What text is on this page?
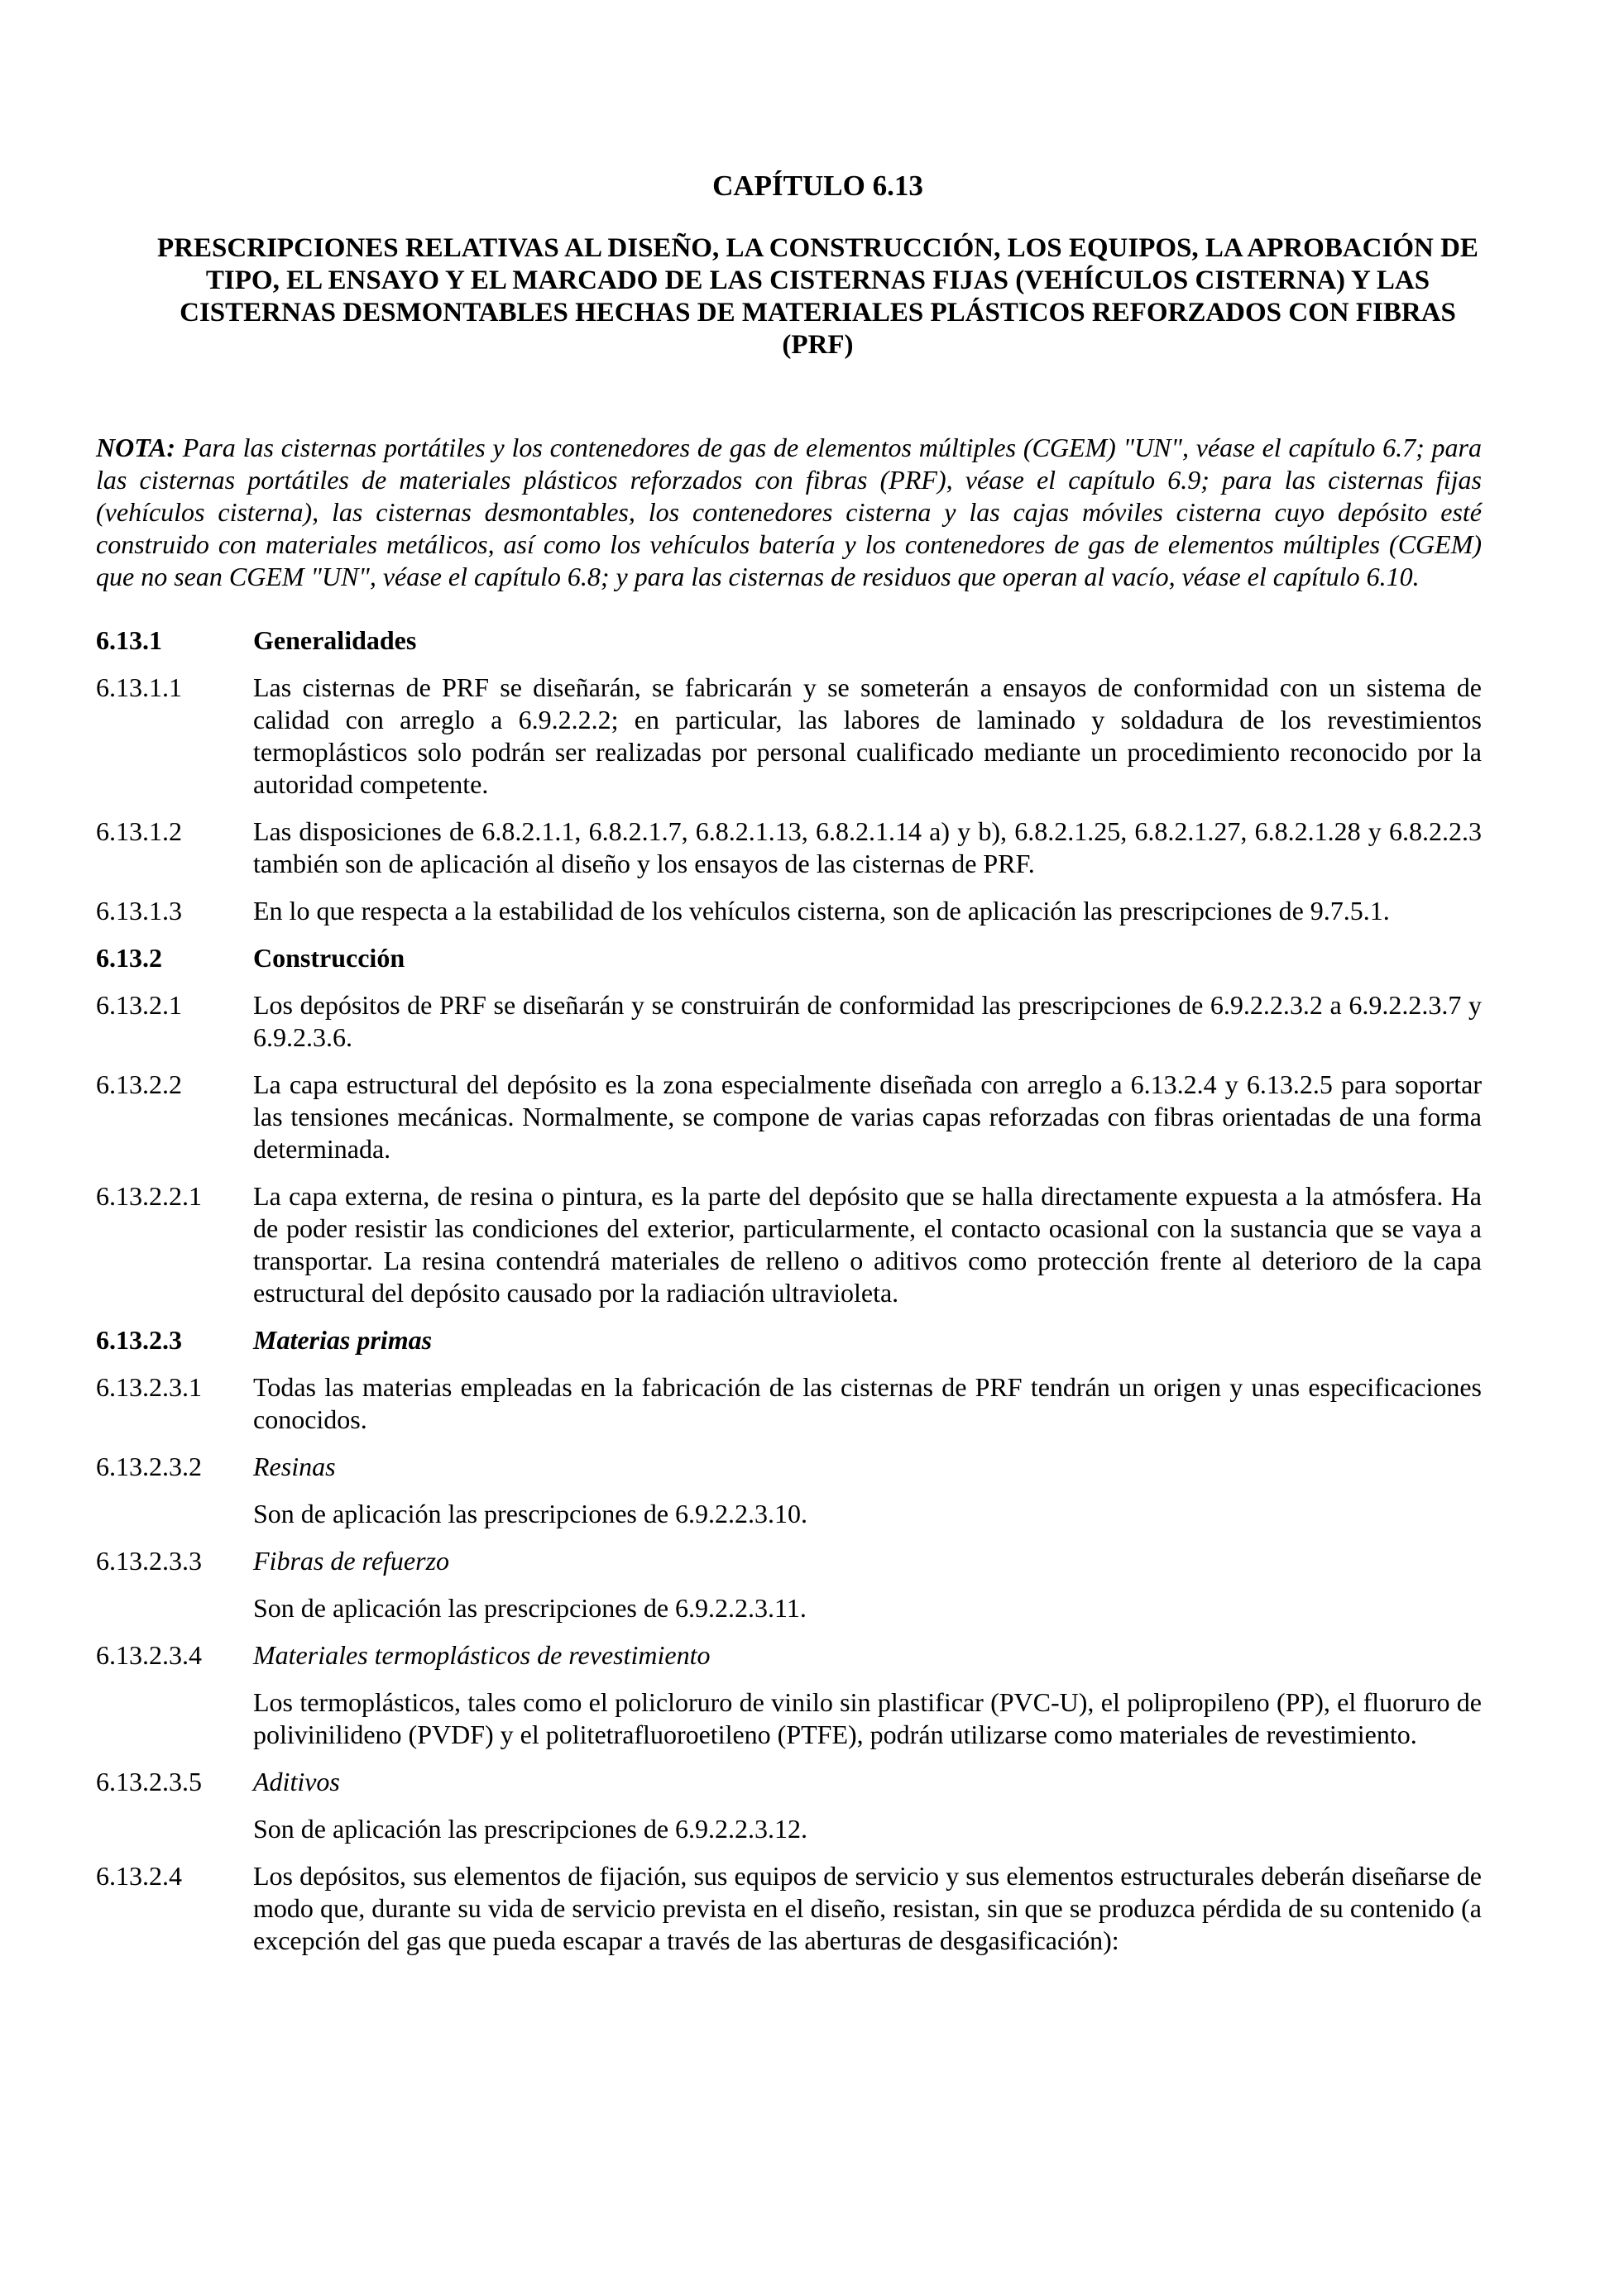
CAPÍTULO 6.13
PRESCRIPCIONES RELATIVAS AL DISEÑO, LA CONSTRUCCIÓN, LOS EQUIPOS, LA APROBACIÓN DE TIPO, EL ENSAYO Y EL MARCADO DE LAS CISTERNAS FIJAS (VEHÍCULOS CISTERNA) Y LAS CISTERNAS DESMONTABLES HECHAS DE MATERIALES PLÁSTICOS REFORZADOS CON FIBRAS (PRF)
NOTA: Para las cisternas portátiles y los contenedores de gas de elementos múltiples (CGEM) "UN", véase el capítulo 6.7; para las cisternas portátiles de materiales plásticos reforzados con fibras (PRF), véase el capítulo 6.9; para las cisternas fijas (vehículos cisterna), las cisternas desmontables, los contenedores cisterna y las cajas móviles cisterna cuyo depósito esté construido con materiales metálicos, así como los vehículos batería y los contenedores de gas de elementos múltiples (CGEM) que no sean CGEM "UN", véase el capítulo 6.8; y para las cisternas de residuos que operan al vacío, véase el capítulo 6.10.
6.13.1	Generalidades
6.13.1.1	Las cisternas de PRF se diseñarán, se fabricarán y se someterán a ensayos de conformidad con un sistema de calidad con arreglo a 6.9.2.2.2; en particular, las labores de laminado y soldadura de los revestimientos termoplásticos solo podrán ser realizadas por personal cualificado mediante un procedimiento reconocido por la autoridad competente.
6.13.1.2	Las disposiciones de 6.8.2.1.1, 6.8.2.1.7, 6.8.2.1.13, 6.8.2.1.14 a) y b), 6.8.2.1.25, 6.8.2.1.27, 6.8.2.1.28 y 6.8.2.2.3 también son de aplicación al diseño y los ensayos de las cisternas de PRF.
6.13.1.3	En lo que respecta a la estabilidad de los vehículos cisterna, son de aplicación las prescripciones de 9.7.5.1.
6.13.2	Construcción
6.13.2.1	Los depósitos de PRF se diseñarán y se construirán de conformidad las prescripciones de 6.9.2.2.3.2 a 6.9.2.2.3.7 y 6.9.2.3.6.
6.13.2.2	La capa estructural del depósito es la zona especialmente diseñada con arreglo a 6.13.2.4 y 6.13.2.5 para soportar las tensiones mecánicas. Normalmente, se compone de varias capas reforzadas con fibras orientadas de una forma determinada.
6.13.2.2.1	La capa externa, de resina o pintura, es la parte del depósito que se halla directamente expuesta a la atmósfera. Ha de poder resistir las condiciones del exterior, particularmente, el contacto ocasional con la sustancia que se vaya a transportar. La resina contendrá materiales de relleno o aditivos como protección frente al deterioro de la capa estructural del depósito causado por la radiación ultravioleta.
6.13.2.3	Materias primas
6.13.2.3.1	Todas las materias empleadas en la fabricación de las cisternas de PRF tendrán un origen y unas especificaciones conocidos.
6.13.2.3.2	Resinas
Son de aplicación las prescripciones de 6.9.2.2.3.10.
6.13.2.3.3	Fibras de refuerzo
Son de aplicación las prescripciones de 6.9.2.2.3.11.
6.13.2.3.4	Materiales termoplásticos de revestimiento
Los termoplásticos, tales como el policloruro de vinilo sin plastificar (PVC-U), el polipropileno (PP), el fluoruro de polivinilideno (PVDF) y el politetrafluoroetileno (PTFE), podrán utilizarse como materiales de revestimiento.
6.13.2.3.5	Aditivos
Son de aplicación las prescripciones de 6.9.2.2.3.12.
6.13.2.4	Los depósitos, sus elementos de fijación, sus equipos de servicio y sus elementos estructurales deberán diseñarse de modo que, durante su vida de servicio prevista en el diseño, resistan, sin que se produzca pérdida de su contenido (a excepción del gas que pueda escapar a través de las aberturas de desgasificación):
